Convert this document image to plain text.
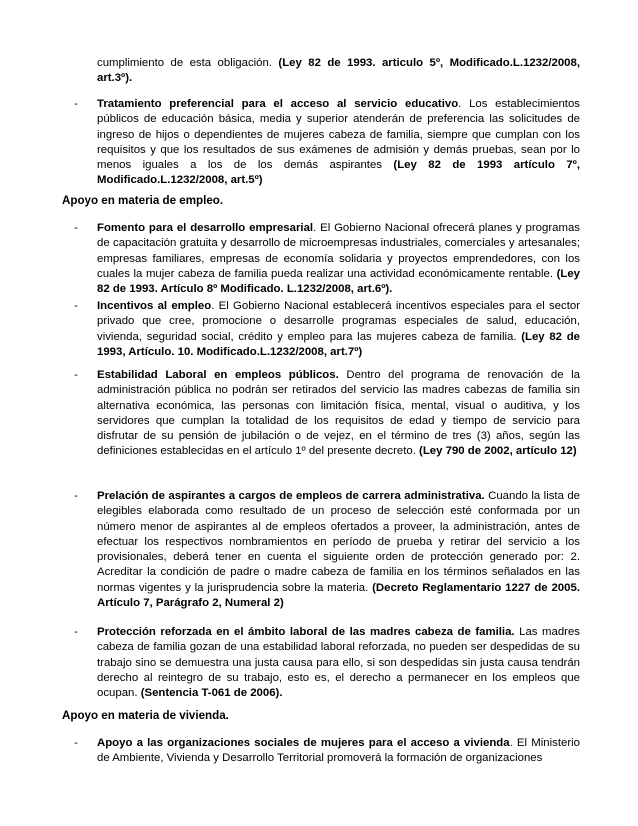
cumplimiento de esta obligación. (Ley 82 de 1993. articulo 5º, Modificado.L.1232/2008, art.3º).

- Tratamiento preferencial para el acceso al servicio educativo. Los establecimientos públicos de educación básica, media y superior atenderán de preferencia las solicitudes de ingreso de hijos o dependientes de mujeres cabeza de familia, siempre que cumplan con los requisitos y que los resultados de sus exámenes de admisión y demás pruebas, sean por lo menos iguales a los de los demás aspirantes (Ley 82 de 1993 artículo 7º, Modificado.L.1232/2008, art.5º)

Apoyo en materia de empleo.

- Fomento para el desarrollo empresarial. El Gobierno Nacional ofrecerá planes y programas de capacitación gratuita y desarrollo de microempresas industriales, comerciales y artesanales; empresas familiares, empresas de economía solidaria y proyectos emprendedores, con los cuales la mujer cabeza de familia pueda realizar una actividad económicamente rentable. (Ley 82 de 1993. Artículo 8º Modificado. L.1232/2008, art.6º).

- Incentivos al empleo. El Gobierno Nacional establecerá incentivos especiales para el sector privado que cree, promocione o desarrolle programas especiales de salud, educación, vivienda, seguridad social, crédito y empleo para las mujeres cabeza de familia. (Ley 82 de 1993, Artículo. 10. Modificado.L.1232/2008, art.7º)

- Estabilidad Laboral en empleos públicos. Dentro del programa de renovación de la administración pública no podrán ser retirados del servicio las madres cabezas de familia sin alternativa económica, las personas con limitación física, mental, visual o auditiva, y los servidores que cumplan la totalidad de los requisitos de edad y tiempo de servicio para disfrutar de su pensión de jubilación o de vejez, en el término de tres (3) años, según las definiciones establecidas en el artículo 1º del presente decreto. (Ley 790 de 2002, artículo 12)

- Prelación de aspirantes a cargos de empleos de carrera administrativa. Cuando la lista de elegibles elaborada como resultado de un proceso de selección esté conformada por un número menor de aspirantes al de empleos ofertados a proveer, la administración, antes de efectuar los respectivos nombramientos en período de prueba y retirar del servicio a los provisionales, deberá tener en cuenta el siguiente orden de protección generado por: 2. Acreditar la condición de padre o madre cabeza de familia en los términos señalados en las normas vigentes y la jurisprudencia sobre la materia. (Decreto Reglamentario 1227 de 2005. Artículo 7, Parágrafo 2, Numeral 2)

- Protección reforzada en el ámbito laboral de las madres cabeza de familia. Las madres cabeza de familia gozan de una estabilidad laboral reforzada, no pueden ser despedidas de su trabajo sino se demuestra una justa causa para ello, si son despedidas sin justa causa tendrán derecho al reintegro de su trabajo, esto es, el derecho a permanecer en los empleos que ocupan. (Sentencia T-061 de 2006).

Apoyo en materia de vivienda.

- Apoyo a las organizaciones sociales de mujeres para el acceso a vivienda. El Ministerio de Ambiente, Vivienda y Desarrollo Territorial promoverá la formación de organizaciones
